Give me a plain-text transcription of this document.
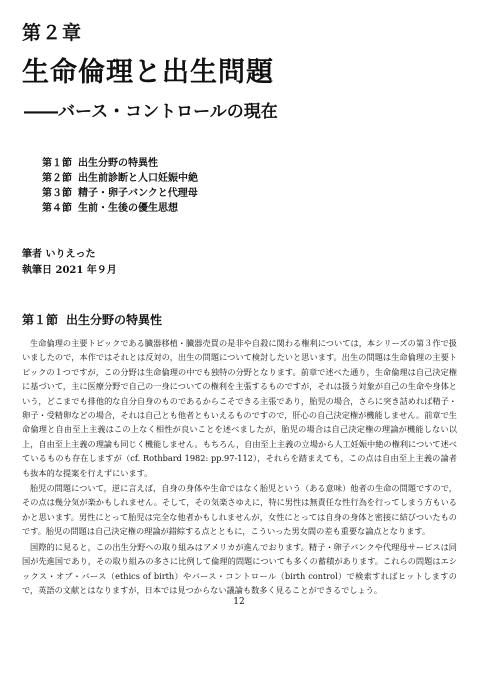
第２章
生命倫理と出生問題
――バース・コントロールの現在
第１節 出生分野の特異性
第２節 出生前診断と人口妊娠中絶
第３節 精子・卵子バンクと代理母
第４節 生前・生後の優生思想
筆者 いりえった
執筆日 2021 年９月
第１節 出生分野の特異性

生命倫理の主要トピックである臓器移植・臓器売買の是非や自殺に関わる権利については，本シリーズの第３作で扱いましたので，本作ではそれとは反対の，出生の問題について検討したいと思います。出生の問題は生命倫理の主要トピックの１つですが，この分野は生命倫理の中でも独特の分野となります。前章で述べた通り，生命倫理は自己決定権に基づいて，主に医療分野で自己の一身についての権利を主張するものですが，それは扱う対象が自己の生命や身体という，どこまでも排他的な自分自身のものであるからこそできる主張であり，胎児の場合，さらに突き詰めれば精子・卵子・受精卵などの場合，それは自己とも他者ともいえるものですので，肝心の自己決定権が機能しません。前章で生命倫理と自由至上主義はこの上なく相性が良いことを述べましたが，胎児の場合は自己決定権の理論が機能しない以上，自由至上主義の理論も同じく機能しません。もちろん，自由至上主義の立場から人工妊娠中絶の権利について述べているものも存在しますが（cf. Rothbard 1982: pp.97-112），それらを踏まえても，この点は自由至上主義の論者も抜本的な提案を行えずにいます。

胎児の問題について，逆に言えば，自身の身体や生命ではなく胎児という（ある意味）他者の生命の問題ですので，その点は幾分気が楽かもしれません。そして，その気楽さゆえに，特に男性は無責任な性行為を行ってしまう方もいるかと思います。男性にとって胎児は完全な他者かもしれませんが，女性にとっては自身の身体と密接に結びついたものです。胎児の問題は自己決定権の理論が錯綜する点とともに，こういった男女間の差も重要な論点となります。

国際的に見ると，この出生分野への取り組みはアメリカが進んでおります。精子・卵子バンクや代理母サービスは同国が先進国であり，その取り組みの多さに比例して倫理的問題についても多くの蓄積があります。これらの問題はエシックス・オブ・バース（ethics of birth）やバース・コントロール（birth control）で検索すればヒットしますので，英語の文献とはなりますが，日本では見つからない議論も数多く見ることができるでしょう。

12
